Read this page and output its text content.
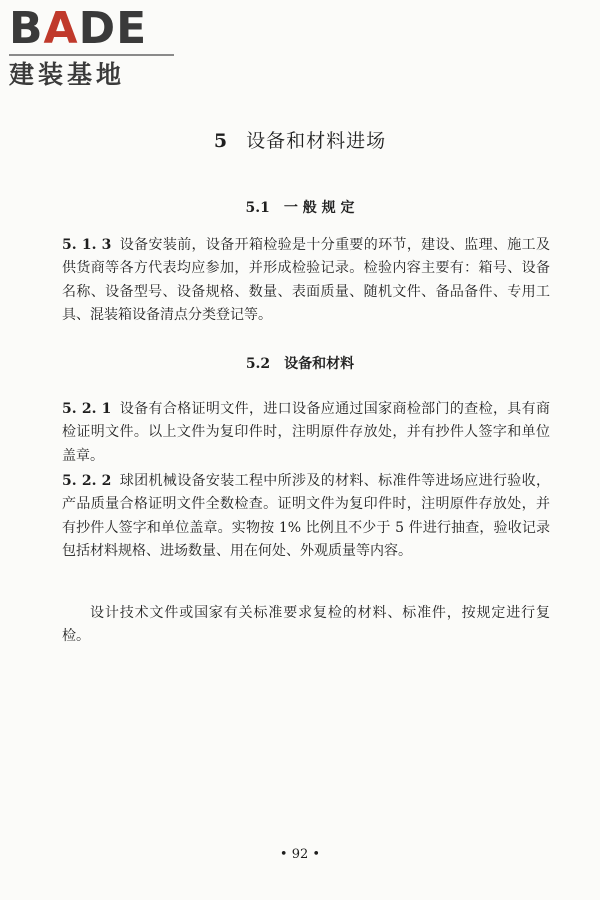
BADE
建装基地
5 设备和材料进场
5.1 一 般 规 定
5. 1. 3 设备安装前，设备开箱检验是十分重要的环节，建设、监理、施工及供货商等各方代表均应参加，并形成检验记录。检验内容主要有：箱号、设备名称、设备型号、设备规格、数量、表面质量、随机文件、备品备件、专用工具、混装箱设备清点分类登记等。
5.2 设备和材料
5. 2. 1 设备有合格证明文件，进口设备应通过国家商检部门的查检，具有商检证明文件。以上文件为复印件时，注明原件存放处，并有抄件人签字和单位盖章。
5. 2. 2 球团机械设备安装工程中所涉及的材料、标准件等进场应进行验收，产品质量合格证明文件全数检查。证明文件为复印件时，注明原件存放处，并有抄件人签字和单位盖章。实物按 1% 比例且不少于 5 件进行抽查，验收记录包括材料规格、进场数量、用在何处、外观质量等内容。
设计技术文件或国家有关标准要求复检的材料、标准件，按规定进行复检。
• 92 •
